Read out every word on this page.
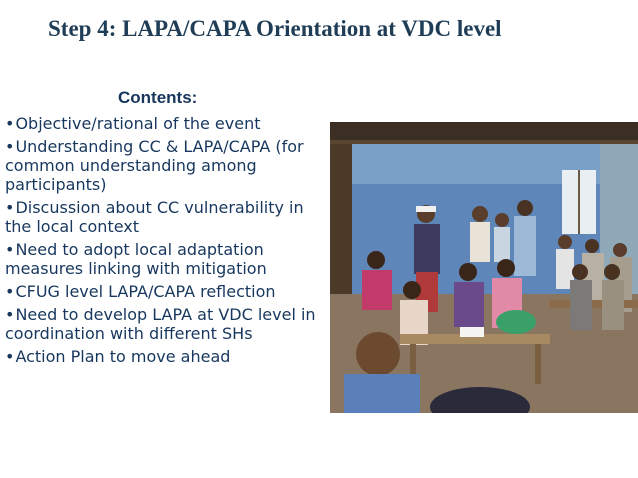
Step 4: LAPA/CAPA Orientation at VDC level
Contents:
•Objective/rational of the event
•Understanding CC & LAPA/CAPA (for common understanding among participants)
•Discussion about CC vulnerability in the local context
•Need to adopt local adaptation measures linking with mitigation
•CFUG level LAPA/CAPA reflection
•Need to develop LAPA at VDC level in coordination with different SHs
•Action Plan to move ahead
